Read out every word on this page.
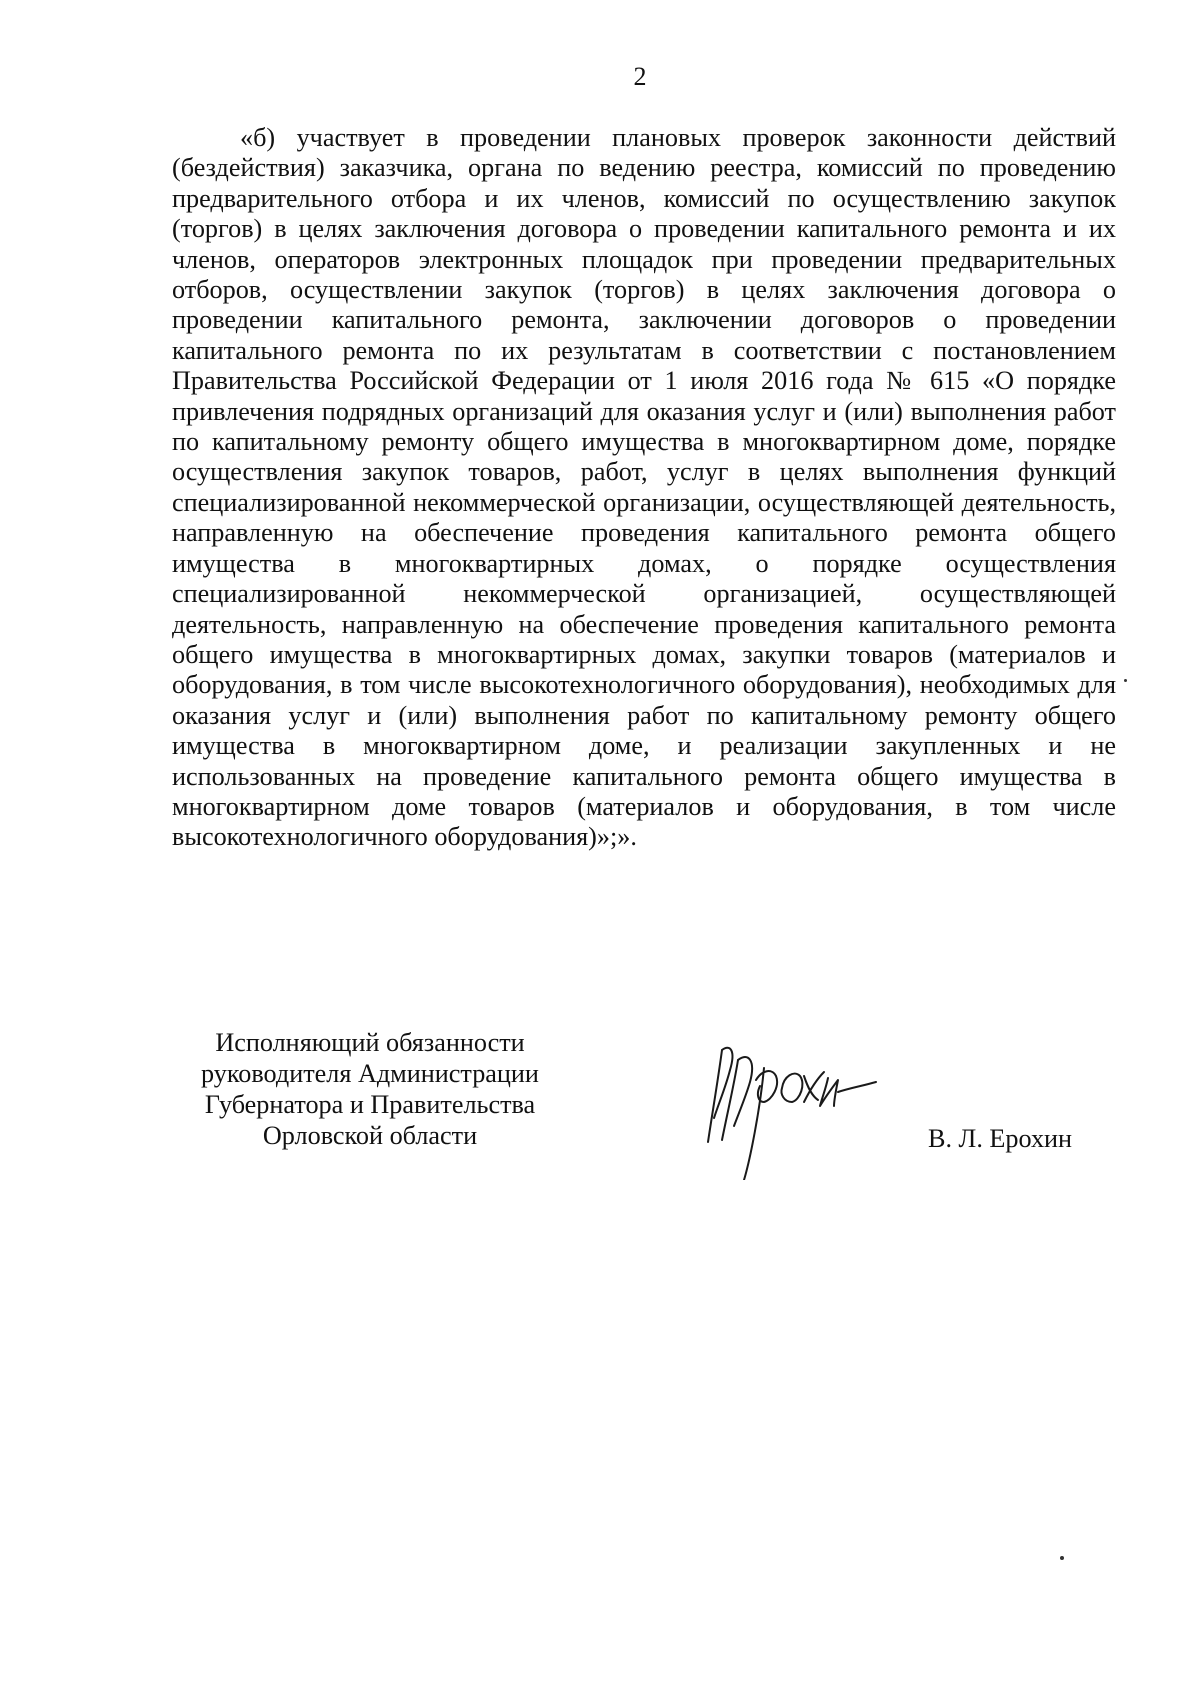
2

«б) участвует в проведении плановых проверок законности действий (бездействия) заказчика, органа по ведению реестра, комиссий по проведению предварительного отбора и их членов, комиссий по осуществлению закупок (торгов) в целях заключения договора о проведении капитального ремонта и их членов, операторов электронных площадок при проведении предварительных отборов, осуществлении закупок (торгов) в целях заключения договора о проведении капитального ремонта, заключении договоров о проведении капитального ремонта по их результатам в соответствии с постановлением Правительства Российской Федерации от 1 июля 2016 года № 615 «О порядке привлечения подрядных организаций для оказания услуг и (или) выполнения работ по капитальному ремонту общего имущества в многоквартирном доме, порядке осуществления закупок товаров, работ, услуг в целях выполнения функций специализированной некоммерческой организации, осуществляющей деятельность, направленную на обеспечение проведения капитального ремонта общего имущества в многоквартирных домах, о порядке осуществления специализированной некоммерческой организацией, осуществляющей деятельность, направленную на обеспечение проведения капитального ремонта общего имущества в многоквартирных домах, закупки товаров (материалов и оборудования, в том числе высокотехнологичного оборудования), необходимых для оказания услуг и (или) выполнения работ по капитальному ремонту общего имущества в многоквартирном доме, и реализации закупленных и не использованных на проведение капитального ремонта общего имущества в многоквартирном доме товаров (материалов и оборудования, в том числе высокотехнологичного оборудования)»;».

Исполняющий обязанности
руководителя Администрации
Губернатора и Правительства
Орловской области	В. Л. Ерохин
